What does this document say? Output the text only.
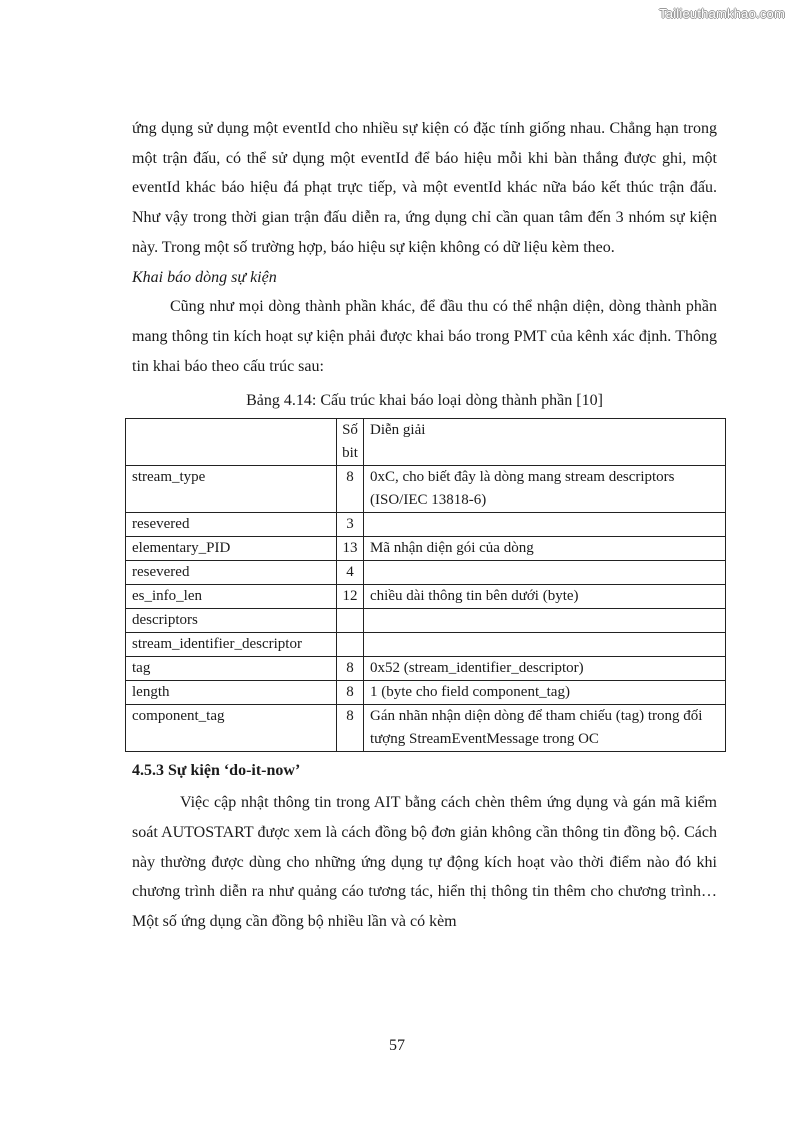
Tailieuthamkhao.com

ứng dụng sử dụng một eventId cho nhiều sự kiện có đặc tính giống nhau. Chẳng hạn trong một trận đấu, có thể sử dụng một eventId để báo hiệu mỗi khi bàn thắng được ghi, một eventId khác báo hiệu đá phạt trực tiếp, và một eventId khác nữa báo kết thúc trận đấu. Như vậy trong thời gian trận đấu diễn ra, ứng dụng chỉ cần quan tâm đến 3 nhóm sự kiện này. Trong một số trường hợp, báo hiệu sự kiện không có dữ liệu kèm theo.

Khai báo dòng sự kiện

Cũng như mọi dòng thành phần khác, để đầu thu có thể nhận diện, dòng thành phần mang thông tin kích hoạt sự kiện phải được khai báo trong PMT của kênh xác định. Thông tin khai báo theo cấu trúc sau:

Bảng 4.14: Cấu trúc khai báo loại dòng thành phần [10]
	Số bit	Diễn giải
stream_type	8	0xC, cho biết đây là dòng mang stream descriptors (ISO/IEC 13818-6)
resevered	3	
elementary_PID	13	Mã nhận diện gói của dòng
resevered	4	
es_info_len	12	chiều dài thông tin bên dưới (byte)
descriptors		
stream_identifier_descriptor		
tag	8	0x52 (stream_identifier_descriptor)
length	8	1 (byte cho field component_tag)
component_tag	8	Gán nhãn nhận diện dòng để tham chiếu (tag) trong đối tượng StreamEventMessage trong OC
4.5.3 Sự kiện ‘do-it-now’

Việc cập nhật thông tin trong AIT bằng cách chèn thêm ứng dụng và gán mã kiểm soát AUTOSTART được xem là cách đồng bộ đơn giản không cần thông tin đồng bộ. Cách này thường được dùng cho những ứng dụng tự động kích hoạt vào thời điểm nào đó khi chương trình diễn ra như quảng cáo tương tác, hiển thị thông tin thêm cho chương trình… Một số ứng dụng cần đồng bộ nhiều lần và có kèm

57
